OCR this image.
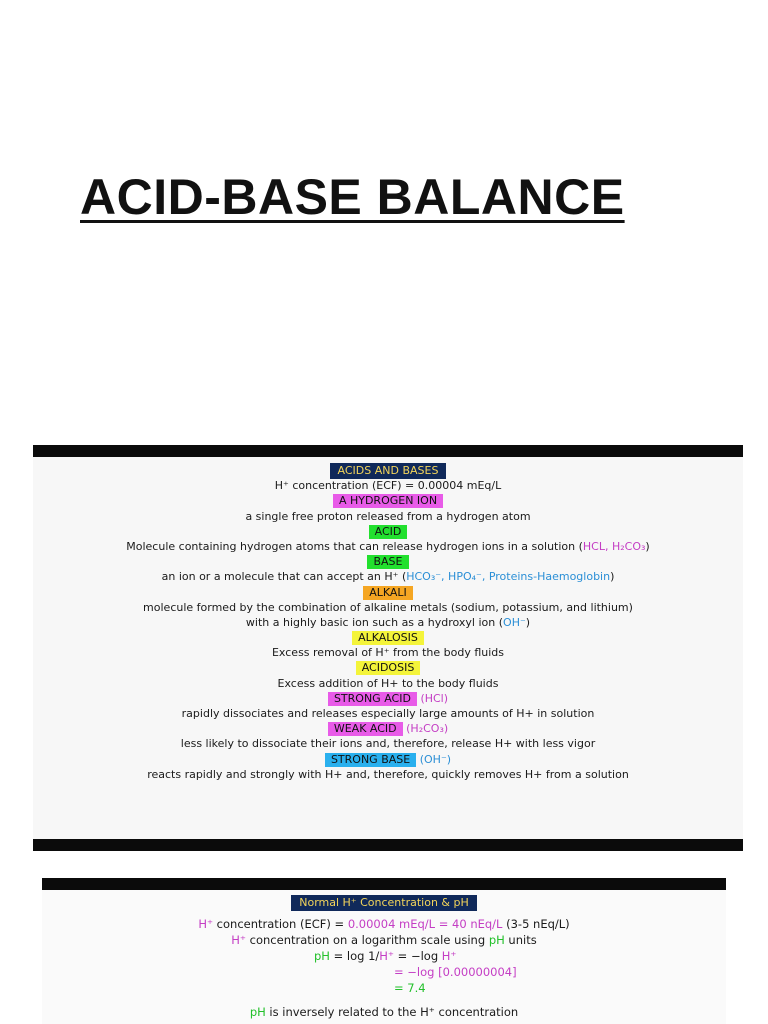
ACID-BASE BALANCE
ACIDS AND BASES
H⁺ concentration (ECF) = 0.00004 mEq/L
A HYDROGEN ION
a single free proton released from a hydrogen atom
ACID
Molecule containing hydrogen atoms that can release hydrogen ions in a solution (HCL, H₂CO₃)
BASE
an ion or a molecule that can accept an H⁺ (HCO₃⁻, HPO₄⁻, Proteins-Haemoglobin)
ALKALI
molecule formed by the combination of alkaline metals (sodium, potassium, and lithium)
with a highly basic ion such as a hydroxyl ion (OH⁻)
ALKALOSIS
Excess removal of H⁺ from the body fluids
ACIDOSIS
Excess addition of H+ to the body fluids
STRONG ACID (HCl)
rapidly dissociates and releases especially large amounts of H+ in solution
WEAK ACID (H₂CO₃)
less likely to dissociate their ions and, therefore, release H+ with less vigor
STRONG BASE (OH⁻)
reacts rapidly and strongly with H+ and, therefore, quickly removes H+ from a solution
Normal H⁺ Concentration & pH
H⁺ concentration (ECF) = 0.00004 mEq/L = 40 nEq/L (3-5 nEq/L)
H⁺ concentration on a logarithm scale using pH units
pH = log 1/H⁺ = −log H⁺
= −log [0.00000004]
= 7.4
pH is inversely related to the H⁺ concentration
